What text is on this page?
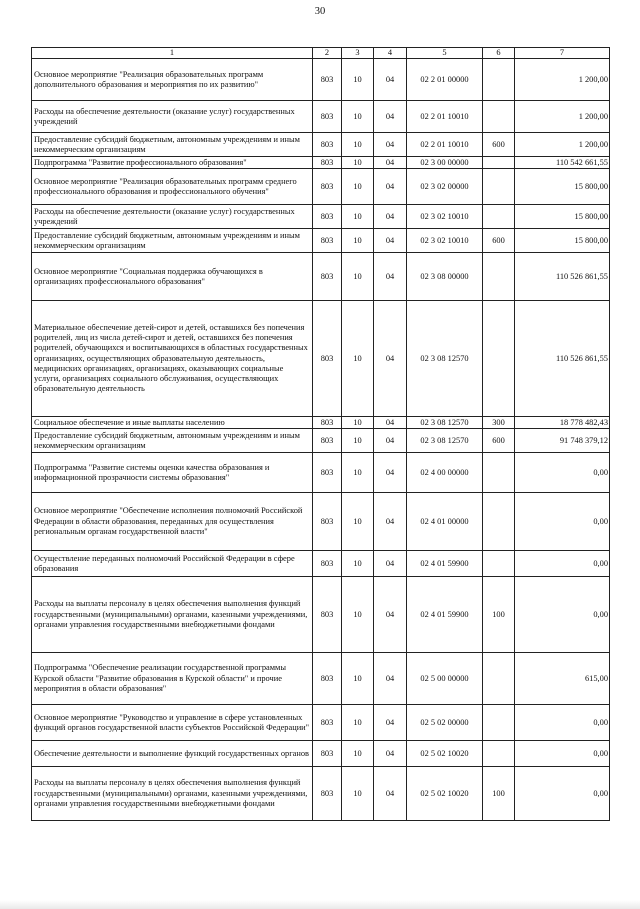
30
1	2	3	4	5	6	7
Основное мероприятие "Реализация образовательных программ дополнительного образования и мероприятия по их развитию"	803	10	04	02 2 01 00000		1 200,00
Расходы на обеспечение деятельности (оказание услуг) государственных учреждений	803	10	04	02 2 01 10010		1 200,00
Предоставление субсидий бюджетным, автономным учреждениям и иным некоммерческим организациям	803	10	04	02 2 01 10010	600	1 200,00
Подпрограмма "Развитие профессионального образования"	803	10	04	02 3 00 00000		110 542 661,55
Основное мероприятие "Реализация образовательных программ среднего профессионального образования и профессионального обучения"	803	10	04	02 3 02 00000		15 800,00
Расходы на обеспечение деятельности (оказание услуг) государственных учреждений	803	10	04	02 3 02 10010		15 800,00
Предоставление субсидий бюджетным, автономным учреждениям и иным некоммерческим организациям	803	10	04	02 3 02 10010	600	15 800,00
Основное мероприятие "Социальная поддержка обучающихся в организациях профессионального образования"	803	10	04	02 3 08 00000		110 526 861,55
Материальное обеспечение детей-сирот и детей, оставшихся без попечения родителей, лиц из числа детей-сирот и детей, оставшихся без попечения родителей, обучающихся и воспитывающихся в областных государственных организациях, осуществляющих образовательную деятельность, медицинских организациях, организациях, оказывающих социальные услуги, организациях социального обслуживания, осуществляющих образовательную деятельность	803	10	04	02 3 08 12570		110 526 861,55
Социальное обеспечение и иные выплаты населению	803	10	04	02 3 08 12570	300	18 778 482,43
Предоставление субсидий бюджетным, автономным учреждениям и иным некоммерческим организациям	803	10	04	02 3 08 12570	600	91 748 379,12
Подпрограмма "Развитие системы оценки качества образования и информационной прозрачности системы образования"	803	10	04	02 4 00 00000		0,00
Основное мероприятие "Обеспечение исполнения полномочий Российской Федерации в области образования, переданных для осуществления региональным органам государственной власти"	803	10	04	02 4 01 00000		0,00
Осуществление переданных полномочий Российской Федерации в сфере образования	803	10	04	02 4 01 59900		0,00
Расходы на выплаты персоналу в целях обеспечения выполнения функций государственными (муниципальными) органами, казенными учреждениями, органами управления государственными внебюджетными фондами	803	10	04	02 4 01 59900	100	0,00
Подпрограмма "Обеспечение реализации государственной программы Курской области "Развитие образования в Курской области" и прочие мероприятия в области образования"	803	10	04	02 5 00 00000		615,00
Основное мероприятие "Руководство и управление в сфере установленных функций органов государственной власти субъектов Российской Федерации"	803	10	04	02 5 02 00000		0,00
Обеспечение деятельности и выполнение функций государственных органов	803	10	04	02 5 02 10020		0,00
Расходы на выплаты персоналу в целях обеспечения выполнения функций государственными (муниципальными) органами, казенными учреждениями, органами управления государственными внебюджетными фондами	803	10	04	02 5 02 10020	100	0,00
